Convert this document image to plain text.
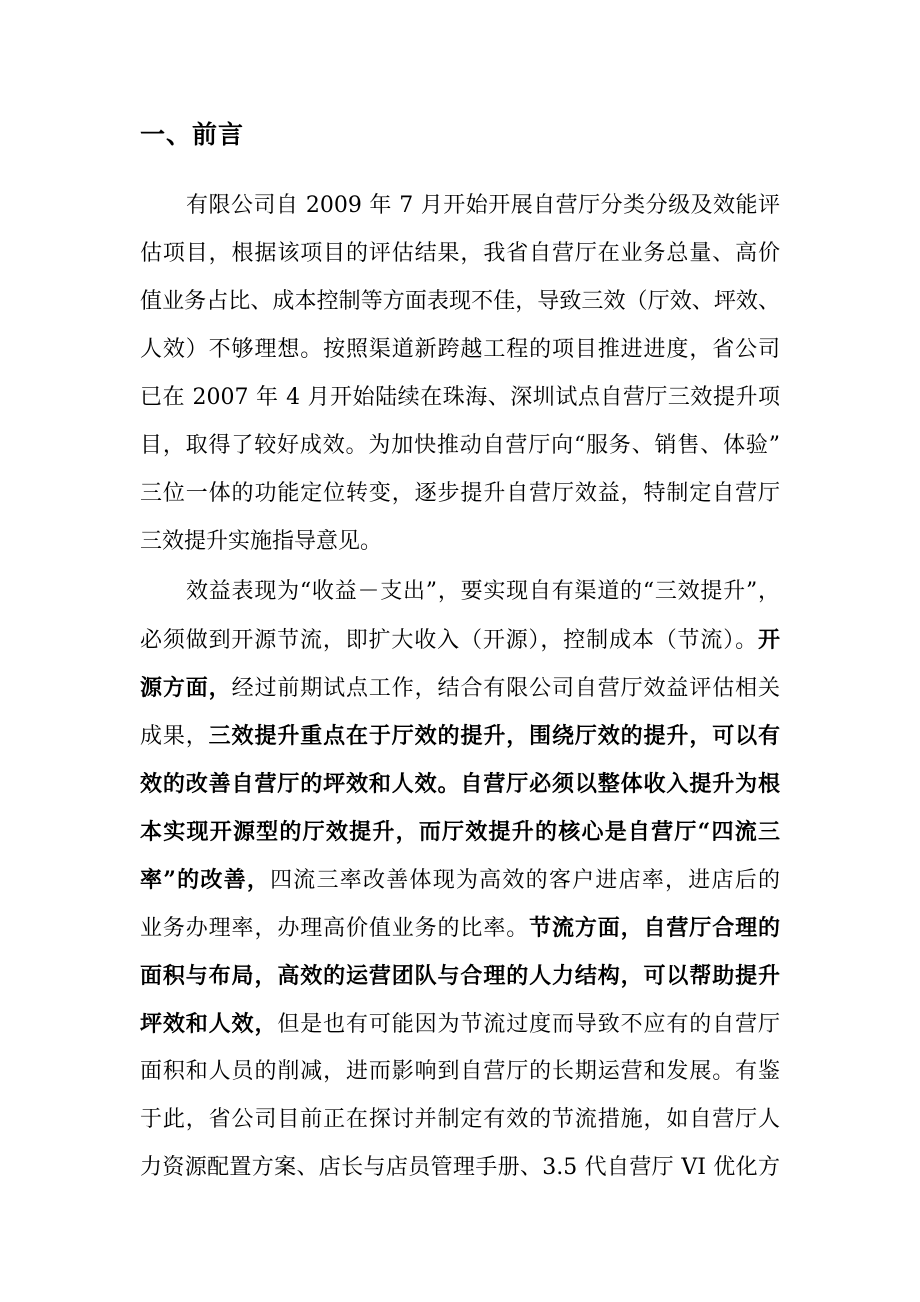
一、前言
有限公司自 2009 年 7 月开始开展自营厅分类分级及效能评
估项目，根据该项目的评估结果，我省自营厅在业务总量、高价
值业务占比、成本控制等方面表现不佳，导致三效（厅效、坪效、
人效）不够理想。按照渠道新跨越工程的项目推进进度，省公司
已在 2007 年 4 月开始陆续在珠海、深圳试点自营厅三效提升项
目，取得了较好成效。为加快推动自营厅向“服务、销售、体验”
三位一体的功能定位转变，逐步提升自营厅效益，特制定自营厅
三效提升实施指导意见。
效益表现为“收益－支出”，要实现自有渠道的“三效提升”，
必须做到开源节流，即扩大收入（开源），控制成本（节流）。开
源方面，经过前期试点工作，结合有限公司自营厅效益评估相关
成果，三效提升重点在于厅效的提升，围绕厅效的提升，可以有
效的改善自营厅的坪效和人效。自营厅必须以整体收入提升为根
本实现开源型的厅效提升，而厅效提升的核心是自营厅“四流三
率”的改善，四流三率改善体现为高效的客户进店率，进店后的
业务办理率，办理高价值业务的比率。节流方面，自营厅合理的
面积与布局，高效的运营团队与合理的人力结构，可以帮助提升
坪效和人效，但是也有可能因为节流过度而导致不应有的自营厅
面积和人员的削减，进而影响到自营厅的长期运营和发展。有鉴
于此，省公司目前正在探讨并制定有效的节流措施，如自营厅人
力资源配置方案、店长与店员管理手册、3.5 代自营厅 VI 优化方
